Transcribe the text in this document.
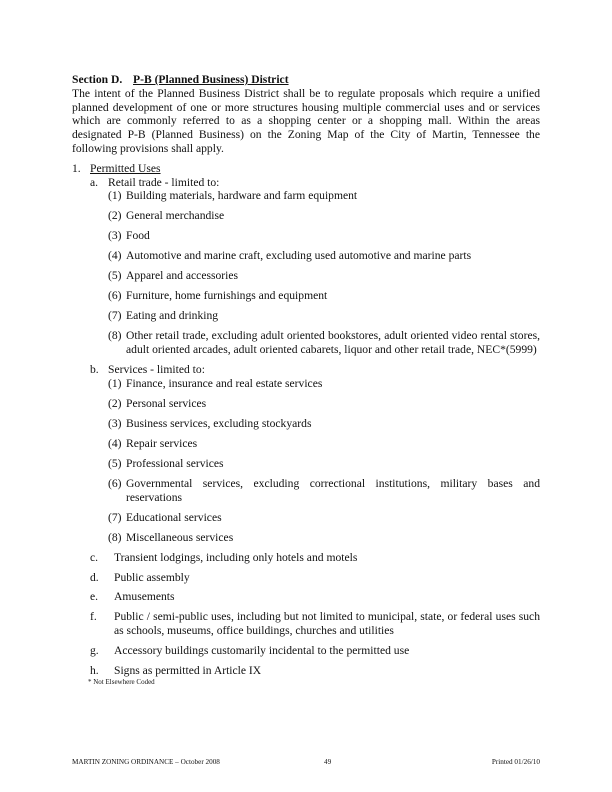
Section D. P-B (Planned Business) District

The intent of the Planned Business District shall be to regulate proposals which require a unified planned development of one or more structures housing multiple commercial uses and or services which are commonly referred to as a shopping center or a shopping mall. Within the areas designated P-B (Planned Business) on the Zoning Map of the City of Martin, Tennessee the following provisions shall apply.

1. Permitted Uses
a. Retail trade - limited to:
(1) Building materials, hardware and farm equipment
(2) General merchandise
(3) Food
(4) Automotive and marine craft, excluding used automotive and marine parts
(5) Apparel and accessories
(6) Furniture, home furnishings and equipment
(7) Eating and drinking
(8) Other retail trade, excluding adult oriented bookstores, adult oriented video rental stores, adult oriented arcades, adult oriented cabarets, liquor and other retail trade, NEC*(5999)
b. Services - limited to:
(1) Finance, insurance and real estate services
(2) Personal services
(3) Business services, excluding stockyards
(4) Repair services
(5) Professional services
(6) Governmental services, excluding correctional institutions, military bases and reservations
(7) Educational services
(8) Miscellaneous services
c. Transient lodgings, including only hotels and motels
d. Public assembly
e. Amusements
f. Public / semi-public uses, including but not limited to municipal, state, or federal uses such as schools, museums, office buildings, churches and utilities
g. Accessory buildings customarily incidental to the permitted use
h. Signs as permitted in Article IX

* Not Elsewhere Coded

MARTIN ZONING ORDINANCE – October 2008	49	Printed 01/26/10
